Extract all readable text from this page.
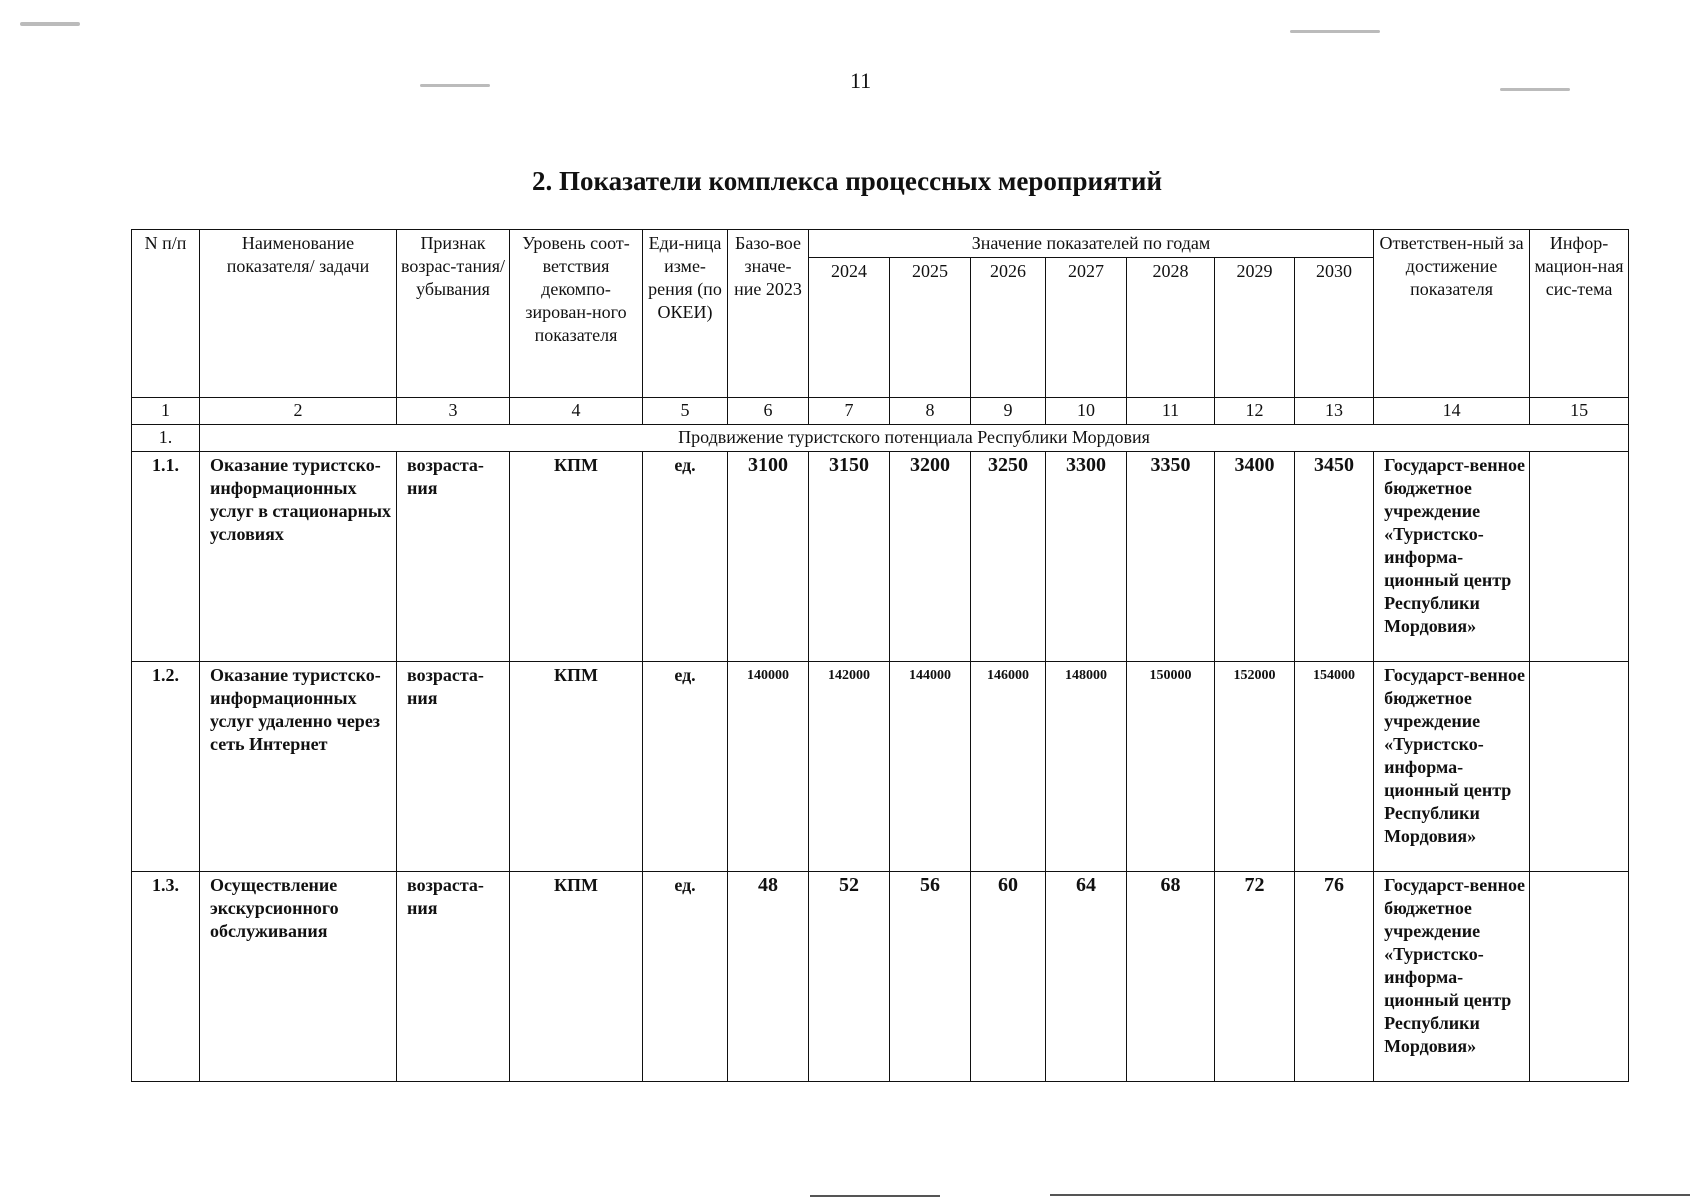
11
2. Показатели комплекса процессных мероприятий
N п/п	Наименование показателя/ задачи	Признак возрас-тания/ убывания	Уровень соот-ветствия декомпо-зирован-ного показателя	Еди-ница изме-рения (по ОКЕИ)	Базо-вое значе-ние 2023	Значение показателей по годам							Ответствен-ный за достижение показателя	Инфор-мацион-ная сис-тема
						2024	2025	2026	2027	2028	2029	2030		
1	2	3	4	5	6	7	8	9	10	11	12	13	14	15
1.	Продвижение туристского потенциала Республики Мордовия													
1.1.	Оказание туристско-информационных услуг в стационарных условиях	возраста-ния	КПМ	ед.	3100	3150	3200	3250	3300	3350	3400	3450	Государст-венное бюджетное учреждение «Туристско-информа-ционный центр Республики Мордовия»	
1.2.	Оказание туристско-информационных услуг удаленно через сеть Интернет	возраста-ния	КПМ	ед.	140000	142000	144000	146000	148000	150000	152000	154000	Государст-венное бюджетное учреждение «Туристско-информа-ционный центр Республики Мордовия»	
1.3.	Осуществление экскурсионного обслуживания	возраста-ния	КПМ	ед.	48	52	56	60	64	68	72	76	Государст-венное бюджетное учреждение «Туристско-информа-ционный центр Республики Мордовия»	
